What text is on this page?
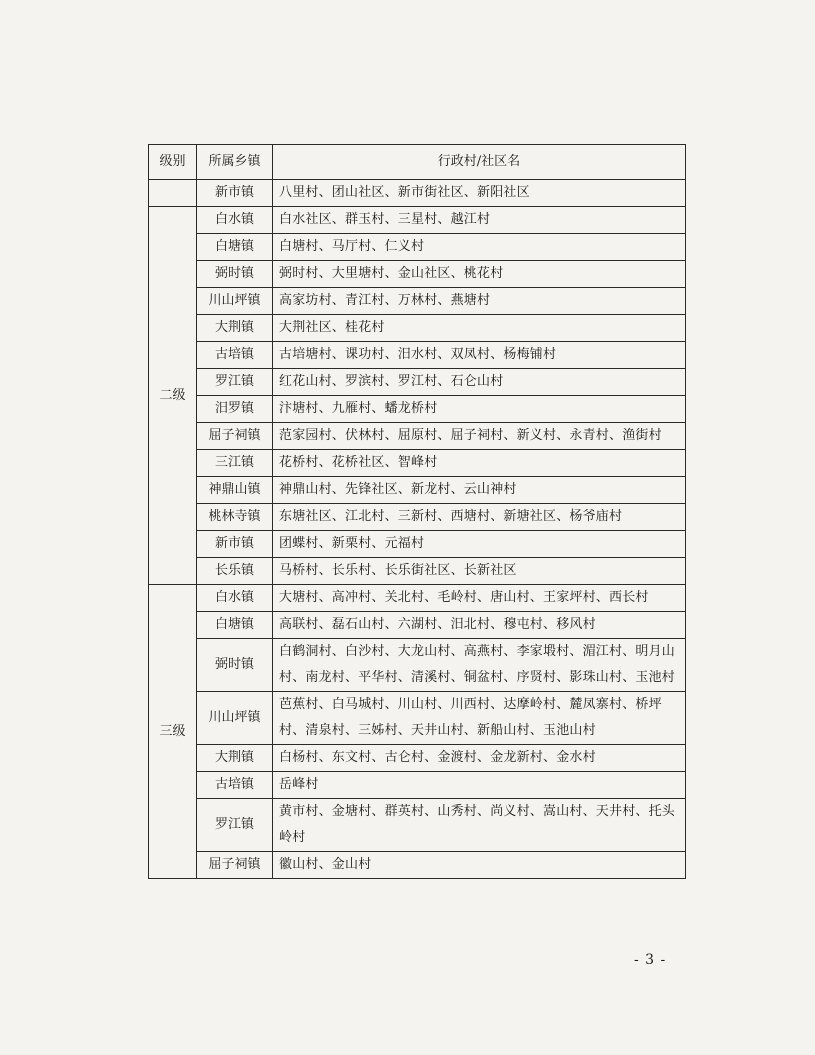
级别	所属乡镇	行政村/社区名
	新市镇	八里村、团山社区、新市街社区、新阳社区
二级	白水镇	白水社区、群玉村、三星村、越江村
	白塘镇	白塘村、马厅村、仁义村
	弼时镇	弼时村、大里塘村、金山社区、桃花村
	川山坪镇	高家坊村、青江村、万林村、燕塘村
	大荆镇	大荆社区、桂花村
	古培镇	古培塘村、课功村、汨水村、双凤村、杨梅铺村
	罗江镇	红花山村、罗滨村、罗江村、石仑山村
	汨罗镇	汴塘村、九雁村、蟠龙桥村
	屈子祠镇	范家园村、伏林村、屈原村、屈子祠村、新义村、永青村、渔街村
	三江镇	花桥村、花桥社区、智峰村
	神鼎山镇	神鼎山村、先锋社区、新龙村、云山神村
	桃林寺镇	东塘社区、江北村、三新村、西塘村、新塘社区、杨爷庙村
	新市镇	团蝶村、新栗村、元福村
	长乐镇	马桥村、长乐村、长乐街社区、长新社区
三级	白水镇	大塘村、高冲村、关北村、毛岭村、唐山村、王家坪村、西长村
	白塘镇	高联村、磊石山村、六湖村、汨北村、穆屯村、移风村
	弼时镇	白鹤洞村、白沙村、大龙山村、高燕村、李家塅村、湄江村、明月山村、南龙村、平华村、清溪村、铜盆村、序贤村、影珠山村、玉池村
	川山坪镇	芭蕉村、白马城村、川山村、川西村、达摩岭村、麓凤寨村、桥坪村、清泉村、三姊村、天井山村、新船山村、玉池山村
	大荆镇	白杨村、东文村、古仑村、金渡村、金龙新村、金水村
	古培镇	岳峰村
	罗江镇	黄市村、金塘村、群英村、山秀村、尚义村、嵩山村、天井村、托头岭村
	屈子祠镇	徽山村、金山村
- 3 -
